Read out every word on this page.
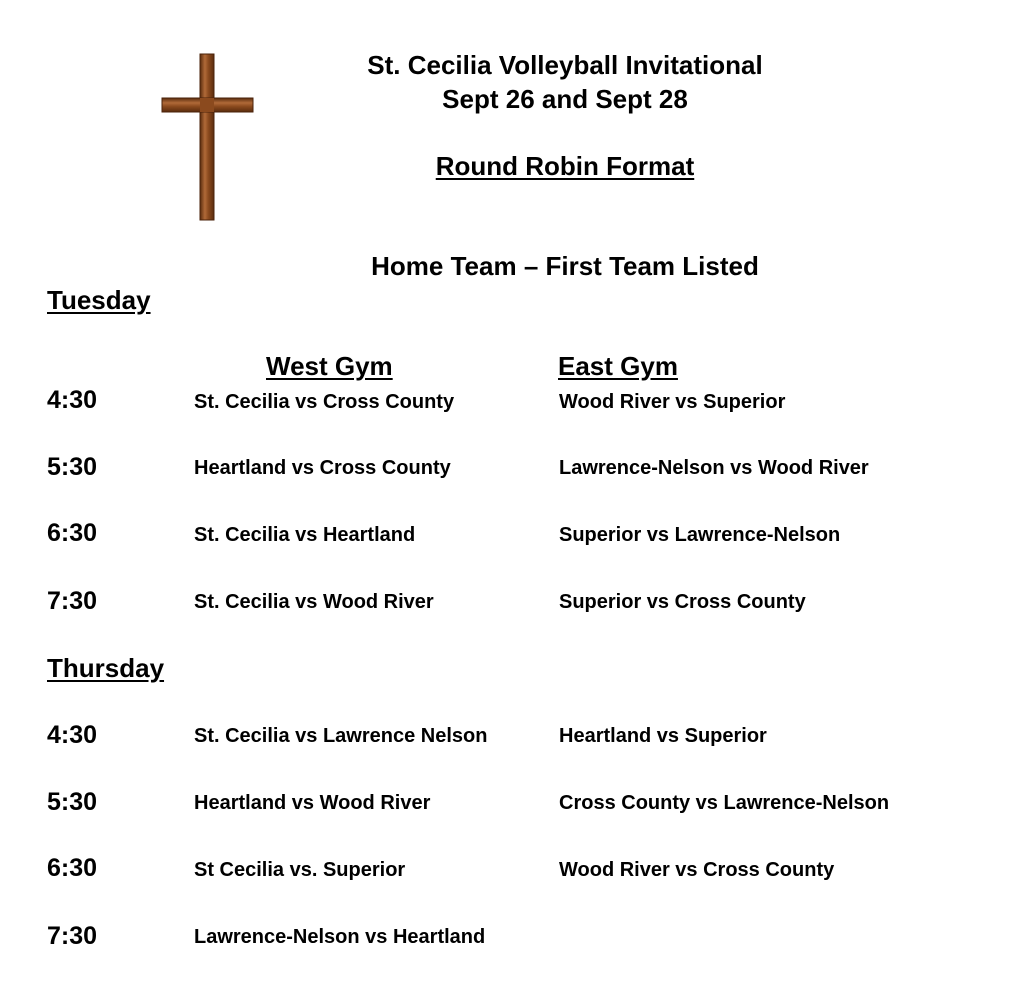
St. Cecilia Volleyball Invitational
Sept 26 and Sept 28
Round Robin Format
Home Team – First Team Listed
Tuesday
West Gym	East Gym
4:30	St. Cecilia vs Cross County	Wood River vs Superior
5:30	Heartland vs Cross County	Lawrence-Nelson vs Wood River
6:30	St. Cecilia vs Heartland	Superior vs Lawrence-Nelson
7:30	St. Cecilia vs Wood River	Superior vs Cross County
Thursday
4:30	St. Cecilia vs Lawrence Nelson	Heartland vs Superior
5:30	Heartland vs Wood River	Cross County vs Lawrence-Nelson
6:30	St Cecilia vs. Superior	Wood River vs Cross County
7:30	Lawrence-Nelson vs Heartland
